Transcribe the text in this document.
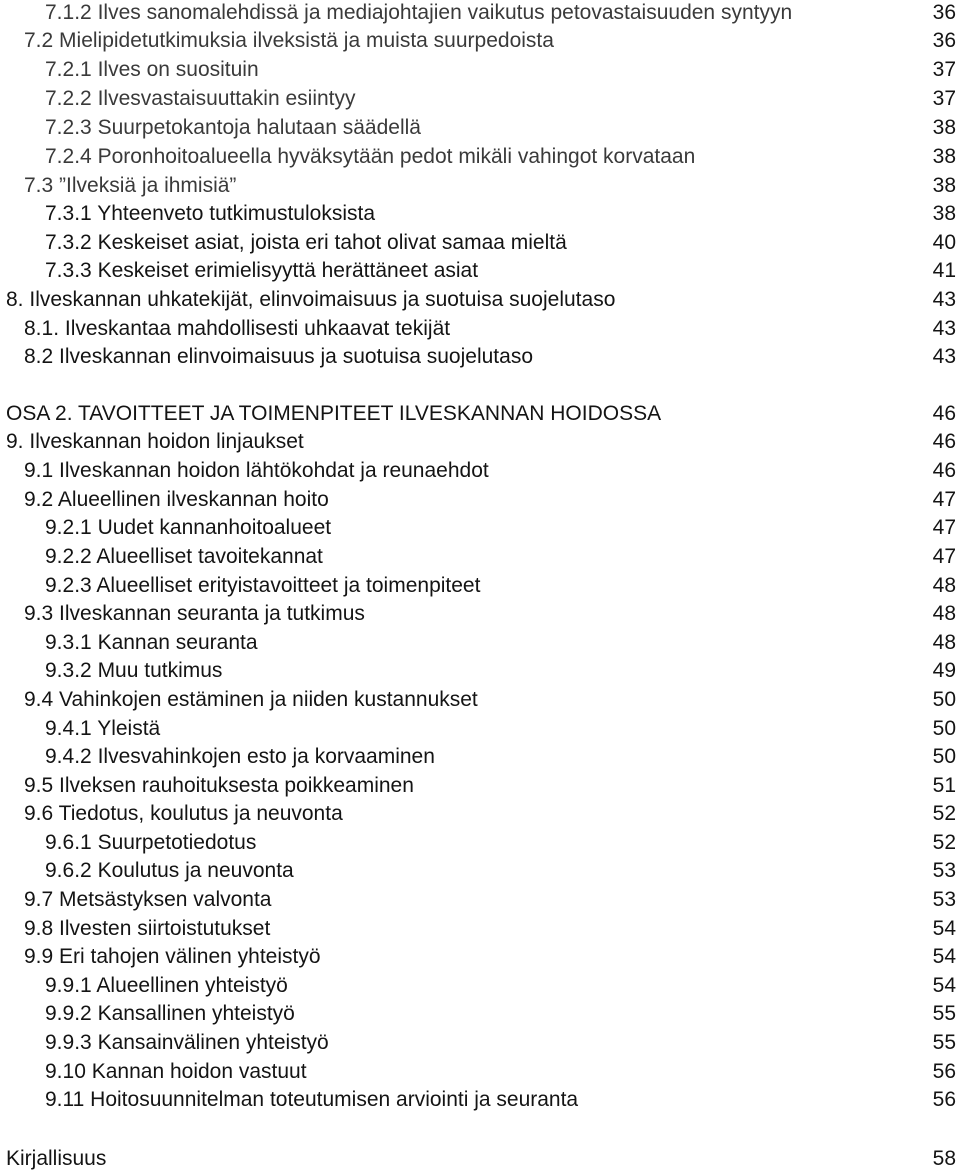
7.1.2 Ilves sanomalehdissä ja mediajohtajien vaikutus petovastaisuuden syntyyn	36
7.2 Mielipidetutkimuksia ilveksistä ja muista suurpedoista	36
7.2.1 Ilves on suosituin	37
7.2.2 Ilvesvastaisuuttakin esiintyy	37
7.2.3 Suurpetokantoja halutaan säädellä	38
7.2.4 Poronhoitoalueella hyväksytään pedot mikäli vahingot korvataan	38
7.3 ”Ilveksiä ja ihmisiä”	38
7.3.1 Yhteenveto tutkimustuloksista	38
7.3.2 Keskeiset asiat, joista eri tahot olivat samaa mieltä	40
7.3.3 Keskeiset erimielisyyttä herättäneet asiat	41
8. Ilveskannan uhkatekijät, elinvoimaisuus ja suotuisa suojelutaso	43
8.1. Ilveskantaa mahdollisesti uhkaavat tekijät	43
8.2 Ilveskannan elinvoimaisuus ja suotuisa suojelutaso	43
OSA 2. TAVOITTEET JA TOIMENPITEET ILVESKANNAN HOIDOSSA	46
9. Ilveskannan hoidon linjaukset	46
9.1 Ilveskannan hoidon lähtökohdat ja reunaehdot	46
9.2 Alueellinen ilveskannan hoito	47
9.2.1 Uudet kannanhoitoalueet	47
9.2.2 Alueelliset tavoitekannat	47
9.2.3 Alueelliset erityistavoitteet ja toimenpiteet	48
9.3 Ilveskannan seuranta ja tutkimus	48
9.3.1 Kannan seuranta	48
9.3.2 Muu tutkimus	49
9.4 Vahinkojen estäminen ja niiden kustannukset	50
9.4.1 Yleistä	50
9.4.2 Ilvesvahinkojen esto ja korvaaminen	50
9.5 Ilveksen rauhoituksesta poikkeaminen	51
9.6 Tiedotus, koulutus ja neuvonta	52
9.6.1 Suurpetotiedotus	52
9.6.2 Koulutus ja neuvonta	53
9.7 Metsästyksen valvonta	53
9.8 Ilvesten siirtoistutukset	54
9.9 Eri tahojen välinen yhteistyö	54
9.9.1 Alueellinen yhteistyö	54
9.9.2 Kansallinen yhteistyö	55
9.9.3 Kansainvälinen yhteistyö	55
9.10 Kannan hoidon vastuut	56
9.11 Hoitosuunnitelman toteutumisen arviointi ja seuranta	56
Kirjallisuus	58
